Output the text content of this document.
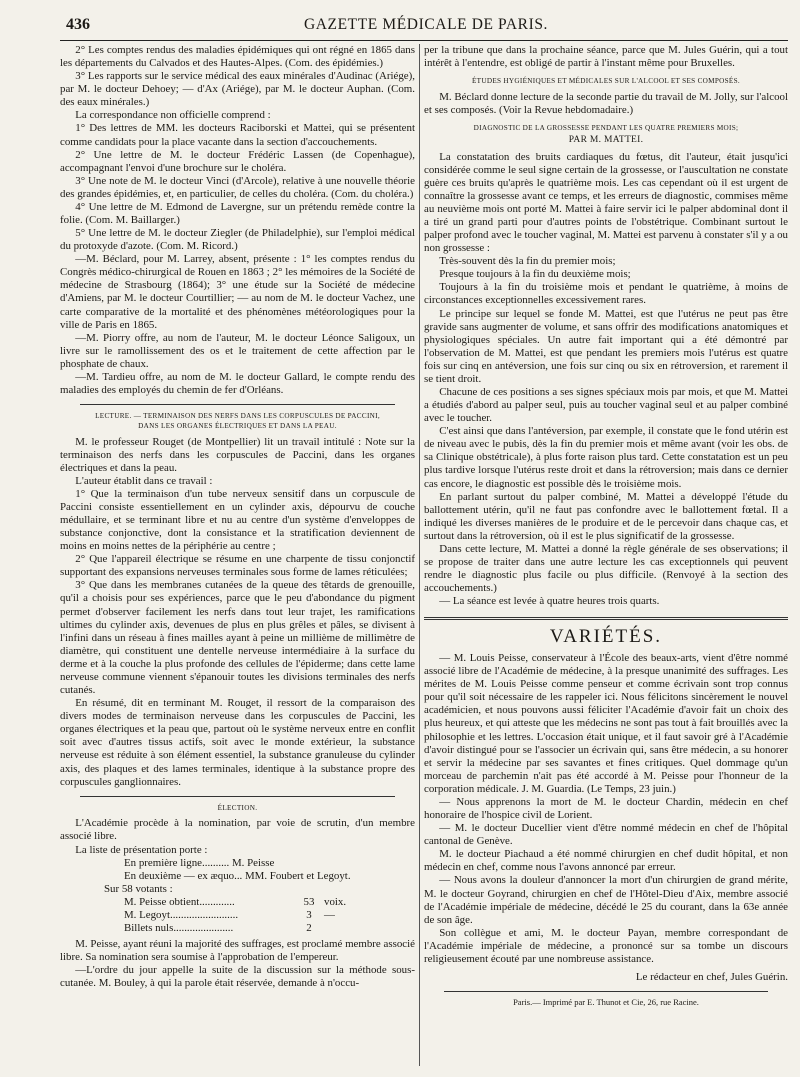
436	GAZETTE MÉDICALE DE PARIS.

2° Les comptes rendus des maladies épidémiques qui ont régné en 1865 dans les départements du Calvados et des Hautes-Alpes. (Com. des épidémies.)

3° Les rapports sur le service médical des eaux minérales d'Audinac (Ariége), par M. le docteur Dehoey; — d'Ax (Ariége), par M. le docteur Auphan. (Com. des eaux minérales.)

La correspondance non officielle comprend :

1° Des lettres de MM. les docteurs Raciborski et Mattei, qui se présentent comme candidats pour la place vacante dans la section d'accouchements.

2° Une lettre de M. le docteur Frédéric Lassen (de Copenhague), accompagnant l'envoi d'une brochure sur le choléra.

3° Une note de M. le docteur Vinci (d'Arcole), relative à une nouvelle théorie des grandes épidémies, et, en particulier, de celles du choléra. (Com. du choléra.)

4° Une lettre de M. Edmond de Lavergne, sur un prétendu remède contre la folie. (Com. M. Baillarger.)

5° Une lettre de M. le docteur Ziegler (de Philadelphie), sur l'emploi médical du protoxyde d'azote. (Com. M. Ricord.)

—M. Béclard, pour M. Larrey, absent, présente : 1° les comptes rendus du Congrès médico-chirurgical de Rouen en 1863 ; 2° les mémoires de la Société de médecine de Strasbourg (1864); 3° une étude sur la Société de médecine d'Amiens, par M. le docteur Courtillier; — au nom de M. le docteur Vachez, une carte comparative de la mortalité et des phénomènes météorologiques pour la ville de Paris en 1865.

—M. Piorry offre, au nom de l'auteur, M. le docteur Léonce Saligoux, un livre sur le ramollissement des os et le traitement de cette affection par le phosphate de chaux.

—M. Tardieu offre, au nom de M. le docteur Gallard, le compte rendu des maladies des employés du chemin de fer d'Orléans.

LECTURE. — TERMINAISON DES NERFS DANS LES CORPUSCULES DE PACCINI,
DANS LES ORGANES ÉLECTRIQUES ET DANS LA PEAU.

M. le professeur Rouget (de Montpellier) lit un travail intitulé : Note sur la terminaison des nerfs dans les corpuscules de Paccini, dans les organes électriques et dans la peau.

L'auteur établit dans ce travail :

1° Que la terminaison d'un tube nerveux sensitif dans un corpuscule de Paccini consiste essentiellement en un cylinder axis, dépourvu de couche médullaire, et se terminant libre et nu au centre d'un système d'enveloppes de substance conjonctive, dont la consistance et la stratification deviennent de moins en moins nettes de la périphérie au centre ;

2° Que l'appareil électrique se résume en une charpente de tissu conjonctif supportant des expansions nerveuses terminales sous forme de lames réticulées;

3° Que dans les membranes cutanées de la queue des têtards de grenouille, qu'il a choisis pour ses expériences, parce que le peu d'abondance du pigment permet d'observer facilement les nerfs dans tout leur trajet, les ramifications ultimes du cylinder axis, devenues de plus en plus grêles et pâles, se divisent à l'infini dans un réseau à fines mailles ayant à peine un millième de millimètre de diamètre, qui constituent une dentelle nerveuse intermédiaire à la surface du derme et à la couche la plus profonde des cellules de l'épiderme; dans cette lame nerveuse commune viennent s'épanouir toutes les divisions terminales des nerfs cutanés.

En résumé, dit en terminant M. Rouget, il ressort de la comparaison des divers modes de terminaison nerveuse dans les corpuscules de Paccini, les organes électriques et la peau que, partout où le système nerveux entre en conflit soit avec d'autres tissus actifs, soit avec le monde extérieur, la substance nerveuse est réduite à son élément essentiel, la substance granuleuse du cylinder axis, des plaques et des lames terminales, identique à la substance propre des corpuscules ganglionnaires.

ÉLECTION.

L'Académie procède à la nomination, par voie de scrutin, d'un membre associé libre.

La liste de présentation porte :

En première ligne.......... M. Peisse

En deuxième — ex æquo... MM. Foubert et Legoyt.

Sur 58 votants :

M. Peisse obtient.............	53 voix.
M. Legoyt.........................	3	—
Billets nuls......................	2

M. Peisse, ayant réuni la majorité des suffrages, est proclamé membre associé libre. Sa nomination sera soumise à l'approbation de l'empereur.

—L'ordre du jour appelle la suite de la discussion sur la méthode sous-cutanée. M. Bouley, à qui la parole était réservée, demande à n'occu-

per la tribune que dans la prochaine séance, parce que M. Jules Guérin, qui a tout intérêt à l'entendre, est obligé de partir à l'instant même pour Bruxelles.

ÉTUDES HYGIÉNIQUES ET MÉDICALES SUR L'ALCOOL ET SES COMPOSÉS.

M. Béclard donne lecture de la seconde partie du travail de M. Jolly, sur l'alcool et ses composés. (Voir la Revue hebdomadaire.)

DIAGNOSTIC DE LA GROSSESSE PENDANT LES QUATRE PREMIERS MOIS;
PAR M. MATTEI.

La constatation des bruits cardiaques du fœtus, dit l'auteur, était jusqu'ici considérée comme le seul signe certain de la grossesse, or l'auscultation ne constate guère ces bruits qu'après le quatrième mois. Les cas cependant où il est urgent de connaître la grossesse avant ce temps, et les erreurs de diagnostic, commises même au neuvième mois ont porté M. Mattei à faire servir ici le palper abdominal dont il a tiré un grand parti pour d'autres points de l'obstétrique. Combinant surtout le palper profond avec le toucher vaginal, M. Mattei est parvenu à constater s'il y a ou non grossesse :

Très-souvent dès la fin du premier mois;

Presque toujours à la fin du deuxième mois;

Toujours à la fin du troisième mois et pendant le quatrième, à moins de circonstances exceptionnelles excessivement rares.

Le principe sur lequel se fonde M. Mattei, est que l'utérus ne peut pas être gravide sans augmenter de volume, et sans offrir des modifications anatomiques et physiologiques spéciales. Un autre fait important qui a été démontré par l'observation de M. Mattei, est que pendant les premiers mois l'utérus est quatre fois sur cinq en antéversion, une fois sur cinq ou six en rétroversion, et rarement il se tient droit.

Chacune de ces positions a ses signes spéciaux mois par mois, et que M. Mattei a étudiés d'abord au palper seul, puis au toucher vaginal seul et au palper combiné avec le toucher.

C'est ainsi que dans l'antéversion, par exemple, il constate que le fond utérin est de niveau avec le pubis, dès la fin du premier mois et même avant (voir les obs. de sa Clinique obstétricale), à plus forte raison plus tard. Cette constatation est un peu plus tardive lorsque l'utérus reste droit et dans la rétroversion; mais dans ce dernier cas encore, le diagnostic est possible dès le troisième mois.

En parlant surtout du palper combiné, M. Mattei a développé l'étude du ballottement utérin, qu'il ne faut pas confondre avec le ballottement fœtal. Il a indiqué les diverses manières de le produire et de le percevoir dans chaque cas, et surtout dans la rétroversion, où il est le plus significatif de la grossesse.

Dans cette lecture, M. Mattei a donné la règle générale de ses observations; il se propose de traiter dans une autre lecture les cas exceptionnels qui peuvent rendre le diagnostic plus facile ou plus difficile. (Renvoyé à la section des accouchements.)

— La séance est levée à quatre heures trois quarts.

VARIÉTÉS.

— M. Louis Peisse, conservateur à l'École des beaux-arts, vient d'être nommé associé libre de l'Académie de médecine, à la presque unanimité des suffrages. Les mérites de M. Louis Peisse comme penseur et comme écrivain sont trop connus pour qu'il soit nécessaire de les rappeler ici. Nous félicitons sincèrement le nouvel académicien, et nous pouvons aussi féliciter l'Académie d'avoir fait un choix des plus heureux, et qui atteste que les médecins ne sont pas tout à fait brouillés avec la philosophie et les lettres. L'occasion était unique, et il faut savoir gré à l'Académie d'avoir distingué pour se l'associer un écrivain qui, sans être médecin, a su honorer et servir la médecine par ses savantes et fines critiques. Quel dommage qu'un morceau de parchemin n'ait pas été accordé à M. Peisse pour l'honneur de la corporation médicale. J. M. Guardia. (Le Temps, 23 juin.)

— Nous apprenons la mort de M. le docteur Chardin, médecin en chef honoraire de l'hospice civil de Lorient.

— M. le docteur Ducellier vient d'être nommé médecin en chef de l'hôpital cantonal de Genève.

M. le docteur Piachaud a été nommé chirurgien en chef dudit hôpital, et non médecin en chef, comme nous l'avons annoncé par erreur.

— Nous avons la douleur d'annoncer la mort d'un chirurgien de grand mérite, M. le docteur Goyrand, chirurgien en chef de l'Hôtel-Dieu d'Aix, membre associé de l'Académie impériale de médecine, décédé le 25 du courant, dans la 63e année de son âge.

Son collègue et ami, M. le docteur Payan, membre correspondant de l'Académie impériale de médecine, a prononcé sur sa tombe un discours religieusement écouté par une nombreuse assistance.

Le rédacteur en chef, Jules Guérin.

Paris.— Imprimé par E. Thunot et Cie, 26, rue Racine.
